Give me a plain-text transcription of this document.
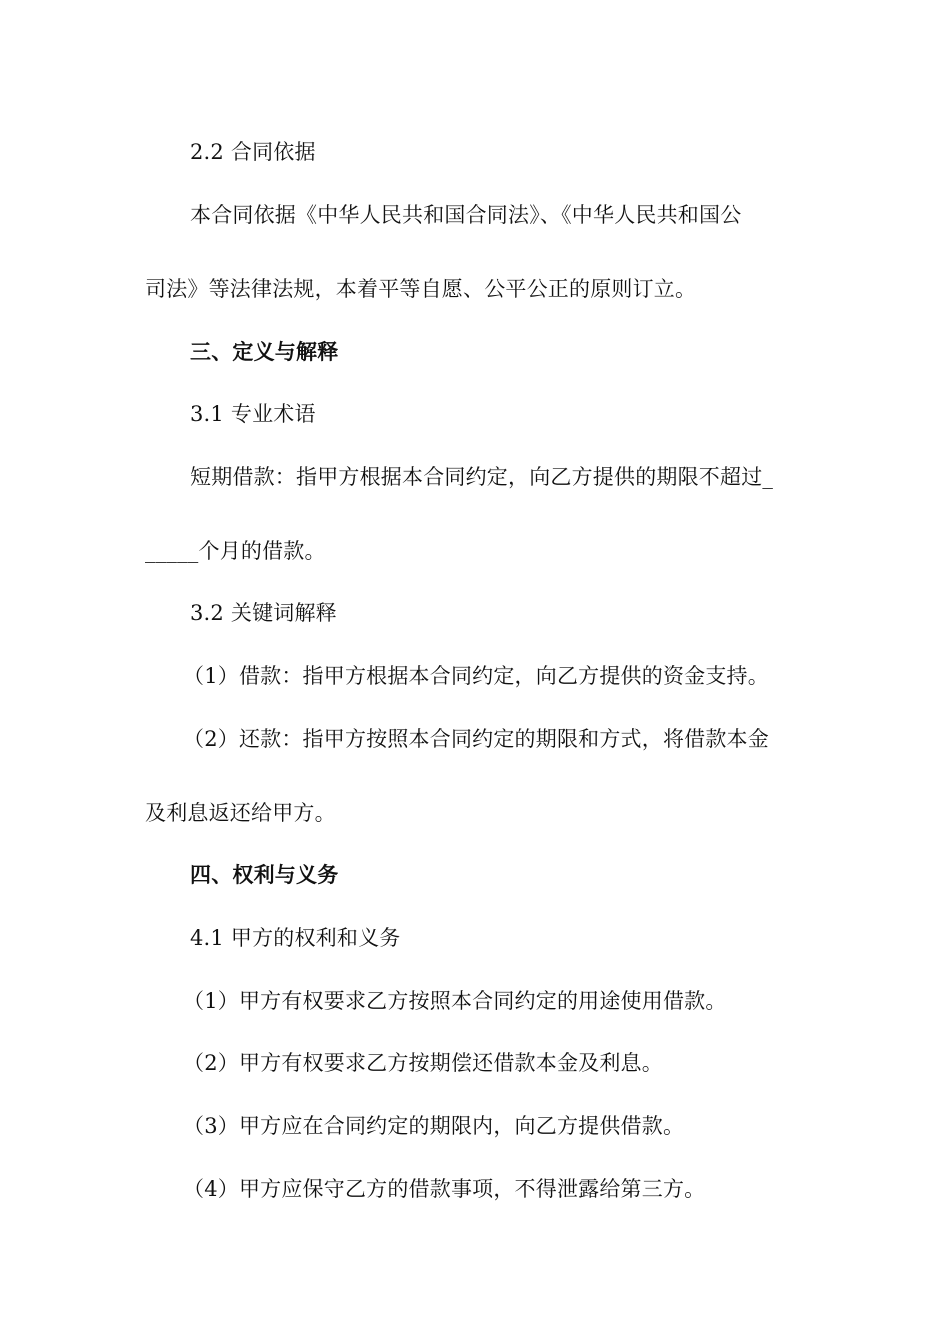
2.2 合同依据
本合同依据《中华人民共和国合同法》、《中华人民共和国公
司法》等法律法规，本着平等自愿、公平公正的原则订立。
三、定义与解释
3.1 专业术语
短期借款：指甲方根据本合同约定，向乙方提供的期限不超过_
_____个月的借款。
3.2 关键词解释
（1）借款：指甲方根据本合同约定，向乙方提供的资金支持。
（2）还款：指甲方按照本合同约定的期限和方式，将借款本金
及利息返还给甲方。
四、权利与义务
4.1 甲方的权利和义务
（1）甲方有权要求乙方按照本合同约定的用途使用借款。
（2）甲方有权要求乙方按期偿还借款本金及利息。
（3）甲方应在合同约定的期限内，向乙方提供借款。
（4）甲方应保守乙方的借款事项，不得泄露给第三方。
